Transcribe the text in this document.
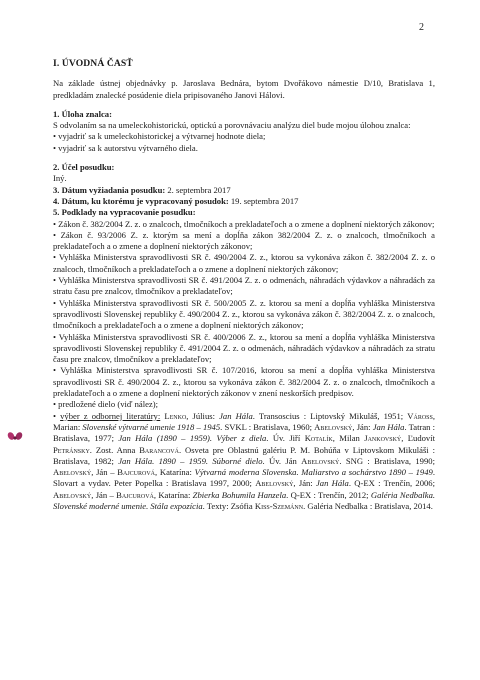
2
I. ÚVODNÁ ČASŤ

Na základe ústnej objednávky p. Jaroslava Bednára, bytom Dvořákovo námestie D/10, Bratislava 1, predkladám znalecké posúdenie diela pripisovaného Janovi Hálovi.

1. Úloha znalca:

S odvolaním sa na umeleckohistorickú, optickú a porovnávaciu analýzu diel bude mojou úlohou znalca:

• vyjadriť sa k umeleckohistorickej a výtvarnej hodnote diela;
• vyjadriť sa k autorstvu výtvarného diela.

2. Účel posudku:

Iný.

3. Dátum vyžiadania posudku: 2. septembra 2017

4. Dátum, ku ktorému je vypracovaný posudok: 19. septembra 2017

5. Podklady na vypracovanie posudku:

• Zákon č. 382/2004 Z. z. o znalcoch, tlmočníkoch a prekladateľoch a o zmene a doplnení niektorých zákonov;
• Zákon č. 93/2006 Z. z. ktorým sa mení a dopĺňa zákon 382/2004 Z. z. o znalcoch, tlmočníkoch a prekladateľoch a o zmene a doplnení niektorých zákonov;
• Vyhláška Ministerstva spravodlivosti SR č. 490/2004 Z. z., ktorou sa vykonáva zákon č. 382/2004 Z. z. o znalcoch, tlmočníkoch a prekladateľoch a o zmene a doplnení niektorých zákonov;
• Vyhláška Ministerstva spravodlivosti SR č. 491/2004 Z. z. o odmenách, náhradách výdavkov a náhradách za stratu času pre znalcov, tlmočníkov a prekladateľov;
• Vyhláška Ministerstva spravodlivosti SR č. 500/2005 Z. z. ktorou sa mení a dopĺňa vyhláška Ministerstva spravodlivosti Slovenskej republiky č. 490/2004 Z. z., ktorou sa vykonáva zákon č. 382/2004 Z. z. o znalcoch, tlmočníkoch a prekladateľoch a o zmene a doplnení niektorých zákonov;
• Vyhláška Ministerstva spravodlivosti SR č. 400/2006 Z. z., ktorou sa mení a dopĺňa vyhláška Ministerstva spravodlivosti Slovenskej republiky č. 491/2004 Z. z. o odmenách, náhradách výdavkov a náhradách za stratu času pre znalcov, tlmočníkov a prekladateľov;
• Vyhláška Ministerstva spravodlivosti SR č. 107/2016, ktorou sa mení a dopĺňa vyhláška Ministerstva spravodlivosti SR č. 490/2004 Z. z., ktorou sa vykonáva zákon č. 382/2004 Z. z. o znalcoch, tlmočníkoch a prekladateľoch a o zmene a doplnení niektorých zákonov v znení neskorších predpisov.
• predložené dielo (viď nález);
• výber z odbornej literatúry: Lenko, Július: Jan Hála. Transoscius : Liptovský Mikuláš, 1951; Váross, Marian: Slovenské výtvarné umenie 1918 – 1945. SVKL : Bratislava, 1960; Abelovský, Ján: Jan Hála. Tatran : Bratislava, 1977; Jan Hála (1890 – 1959). Výber z diela. Úv. Jiří Kotalík, Milan Jankovský, Ľudovít Petránsky. Zost. Anna Barancová. Osveta pre Oblastnú galériu P. M. Bohúňa v Liptovskom Mikuláši : Bratislava, 1982; Jan Hála. 1890 – 1959. Súborné dielo. Úv. Ján Abelovský. SNG : Bratislava, 1990; Abelovský, Ján – Bajcurová, Katarína: Výtvarná moderna Slovenska. Maliarstvo a sochárstvo 1890 – 1949. Slovart a vydav. Peter Popelka : Bratislava 1997, 2000; Abelovský, Ján: Jan Hála. Q-EX : Trenčín, 2006; Abelovský, Ján – Bajcurová, Katarína: Zbierka Bohumila Hanzela. Q-EX : Trenčín, 2012; Galéria Nedbalka. Slovenské moderné umenie. Stála expozícia. Texty: Zsófia Kiss-Szemánn. Galéria Nedbalka : Bratislava, 2014.
